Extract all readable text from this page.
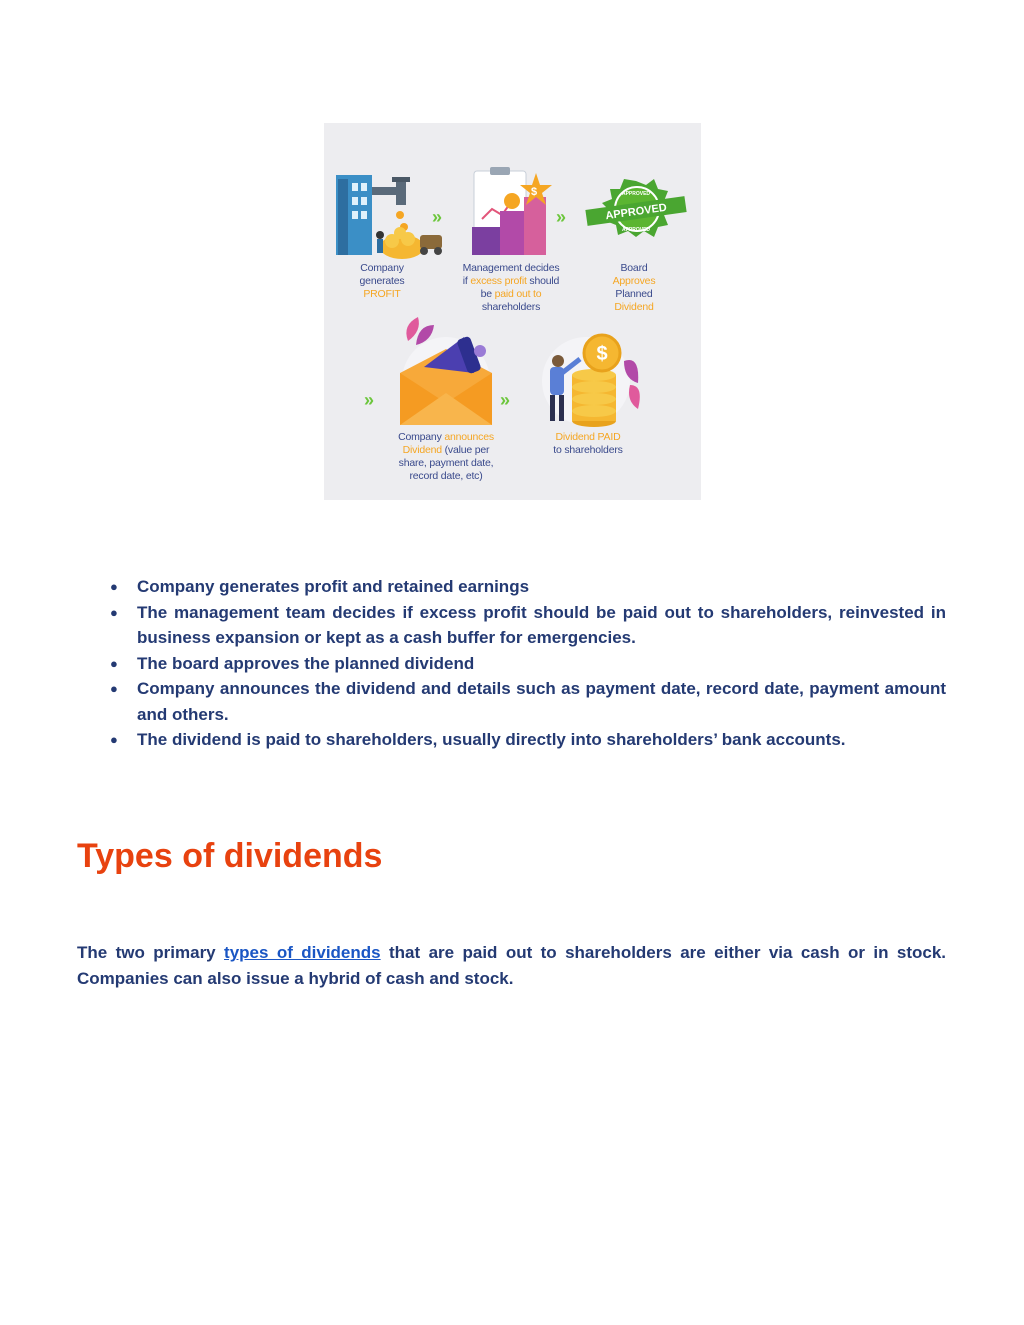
»	»
$
APPROVED
APPROVED
APPROVED
Company
generates
PROFIT
Management decides
if excess profit should
be paid out to
shareholders
Board
Approves
Planned
Dividend
»	»
$
Company announces
Dividend (value per
share, payment date,
record date, etc)
Dividend PAID
to shareholders
● Company generates profit and retained earnings
● The management team decides if excess profit should be paid out to shareholders, reinvested in business expansion or kept as a cash buffer for emergencies.
● The board approves the planned dividend
● Company announces the dividend and details such as payment date, record date, payment amount and others.
● The dividend is paid to shareholders, usually directly into shareholders’ bank accounts.
Types of dividends

The two primary types of dividends that are paid out to shareholders are either via cash or in stock. Companies can also issue a hybrid of cash and stock.
